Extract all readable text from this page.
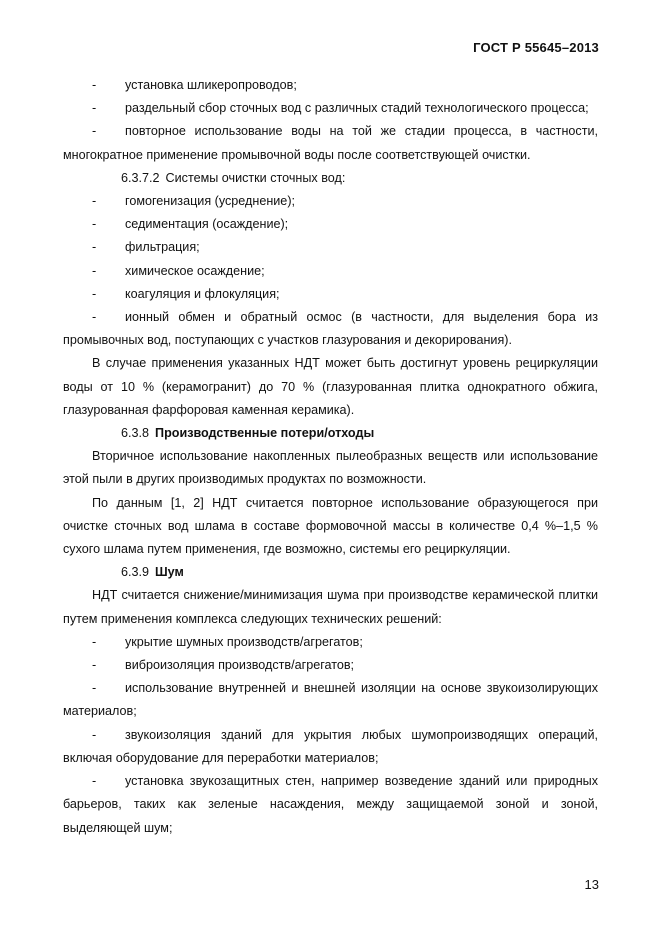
ГОСТ Р 55645–2013

- установка шликеропроводов;

- раздельный сбор сточных вод с различных стадий технологического процесса;

- повторное использование воды на той же стадии процесса, в частности, многократное применение промывочной воды после соответствующей очистки.

6.3.7.2 Системы очистки сточных вод:

- гомогенизация (усреднение);

- седиментация (осаждение);

- фильтрация;

- химическое осаждение;

- коагуляция и флокуляция;

- ионный обмен и обратный осмос (в частности, для выделения бора из промывочных вод, поступающих с участков глазурования и декорирования).

В случае применения указанных НДТ может быть достигнут уровень рециркуляции воды от 10 % (керамогранит) до 70 % (глазурованная плитка однократного обжига, глазурованная фарфоровая каменная керамика).

6.3.8 Производственные потери/отходы

Вторичное использование накопленных пылеобразных веществ или использование этой пыли в других производимых продуктах по возможности.

По данным [1, 2] НДТ считается повторное использование образующегося при очистке сточных вод шлама в составе формовочной массы в количестве 0,4 %–1,5 % сухого шлама путем применения, где возможно, системы его рециркуляции.

6.3.9 Шум

НДТ считается снижение/минимизация шума при производстве керамической плитки путем применения комплекса следующих технических решений:

- укрытие шумных производств/агрегатов;

- виброизоляция производств/агрегатов;

- использование внутренней и внешней изоляции на основе звукоизолирующих материалов;

- звукоизоляция зданий для укрытия любых шумопроизводящих операций, включая оборудование для переработки материалов;

- установка звукозащитных стен, например возведение зданий или природных барьеров, таких как зеленые насаждения, между защищаемой зоной и зоной, выделяющей шум;

13
